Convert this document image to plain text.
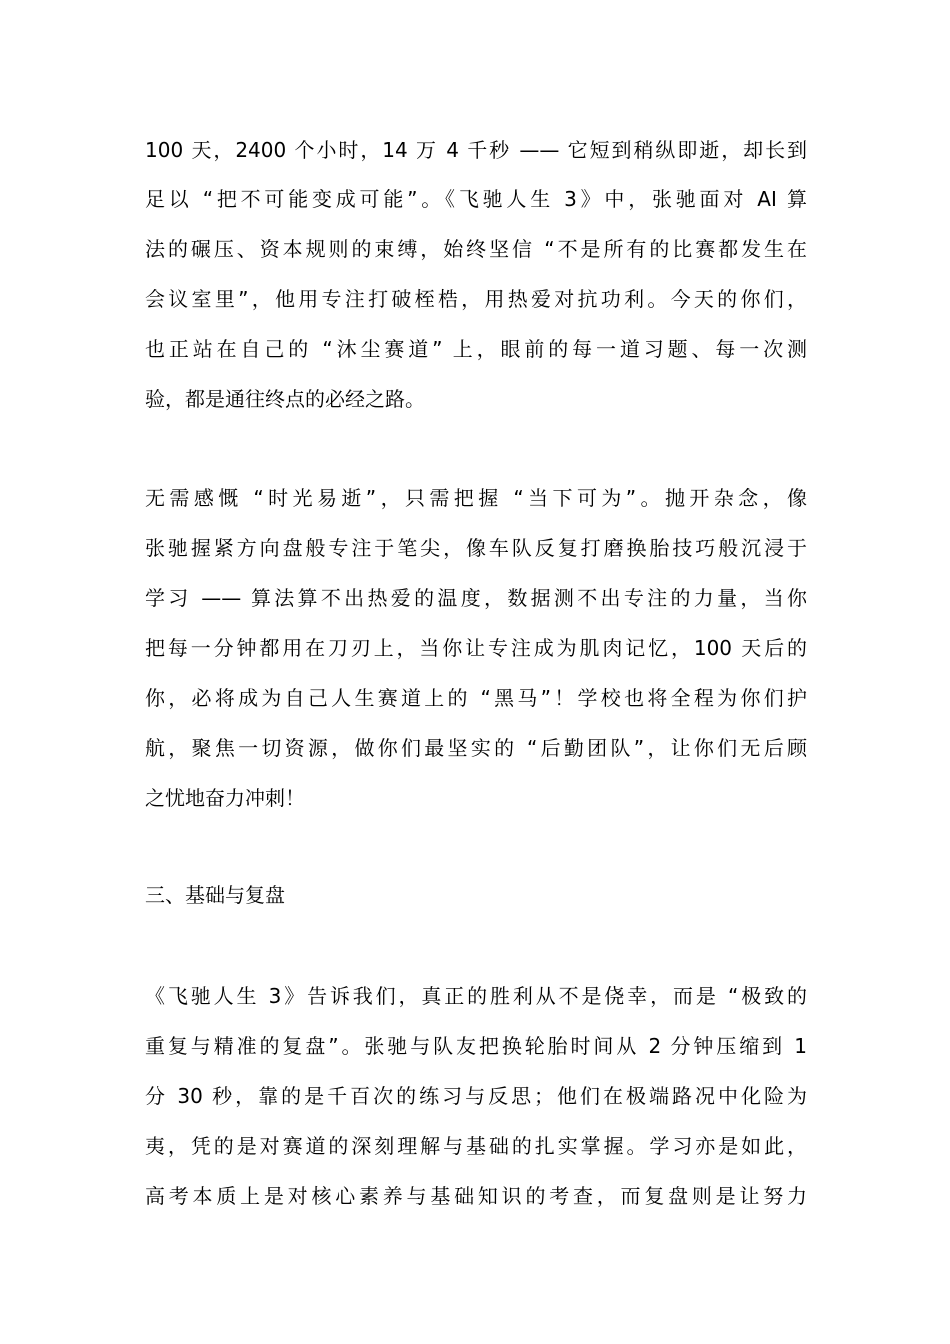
100 天，2400 个小时，14 万 4 千秒 —— 它短到稍纵即逝，却长到
足以 “把不可能变成可能”。《飞驰人生 3》中，张驰面对 AI 算
法的碾压、资本规则的束缚，始终坚信 “不是所有的比赛都发生在
会议室里”，他用专注打破桎梏，用热爱对抗功利。今天的你们，
也正站在自己的 “沐尘赛道” 上，眼前的每一道习题、每一次测
验，都是通往终点的必经之路。
无需感慨 “时光易逝”，只需把握 “当下可为”。抛开杂念，像
张驰握紧方向盘般专注于笔尖，像车队反复打磨换胎技巧般沉浸于
学习 —— 算法算不出热爱的温度，数据测不出专注的力量，当你
把每一分钟都用在刀刃上，当你让专注成为肌肉记忆，100 天后的
你，必将成为自己人生赛道上的 “黑马”！学校也将全程为你们护
航，聚焦一切资源，做你们最坚实的 “后勤团队”，让你们无后顾
之忧地奋力冲刺！
三、基础与复盘
《飞驰人生 3》告诉我们，真正的胜利从不是侥幸，而是 “极致的
重复与精准的复盘”。张驰与队友把换轮胎时间从 2 分钟压缩到 1
分 30 秒，靠的是千百次的练习与反思；他们在极端路况中化险为
夷，凭的是对赛道的深刻理解与基础的扎实掌握。学习亦是如此，
高考本质上是对核心素养与基础知识的考查，而复盘则是让努力
